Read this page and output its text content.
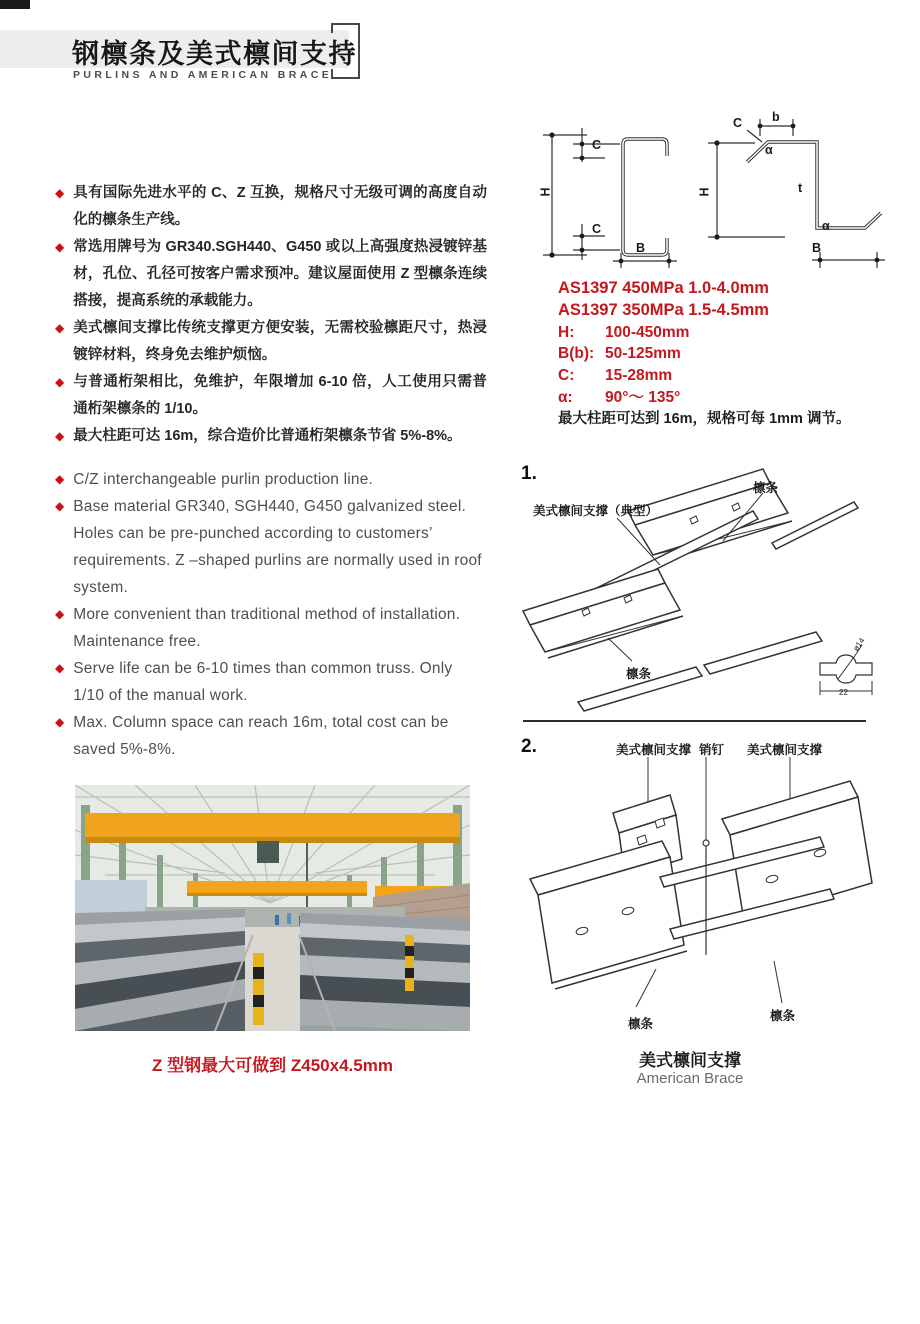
钢檩条及美式檩间支持
PURLINS AND AMERICAN BRACE
◆ 具有国际先进水平的 C、Z 互换，规格尺寸无级可调的高度自动化的檩条生产线。
◆ 常选用牌号为 GR340.SGH440、G450 或以上高强度热浸镀锌基材，孔位、孔径可按客户需求预冲。建议屋面使用 Z 型檩条连续搭接，提高系统的承载能力。
◆ 美式檩间支撑比传统支撑更方便安装，无需校验檩距尺寸，热浸镀锌材料，终身免去维护烦恼。
◆ 与普通桁架相比，免维护，年限增加 6-10 倍，人工使用只需普通桁架檩条的 1/10。
◆ 最大柱距可达 16m，综合造价比普通桁架檩条节省 5%-8%。
◆ C/Z interchangeable purlin production line.
◆ Base material GR340, SGH440, G450 galvanized steel. Holes can be pre-punched according to customers’ requirements. Z –shaped purlins are normally used in roof system.
◆ More convenient than traditional method of installation. Maintenance free.
◆ Serve life can be 6-10 times than common truss. Only 1/10 of the manual work.
◆ Max. Column space can reach 16m, total cost can be saved 5%-8%.
H
C
C
B
C b
α
t
α
H
B
AS1397 450MPa 1.0-4.0mm
AS1397 350MPa 1.5-4.5mm
H:	100-450mm
B(b): 50-125mm
C:	15-28mm
α:	90°～ 135°
最大柱距可达到 16m，规格可每 1mm 调节。
1.
檩条
美式檩间支撑（典型）
檩条
22
ø14
2.	美式檩间支撑 销钉 美式檩间支撑
檩条
檩条
美式檩间支撑
American Brace
Z 型钢最大可做到 Z450x4.5mm
